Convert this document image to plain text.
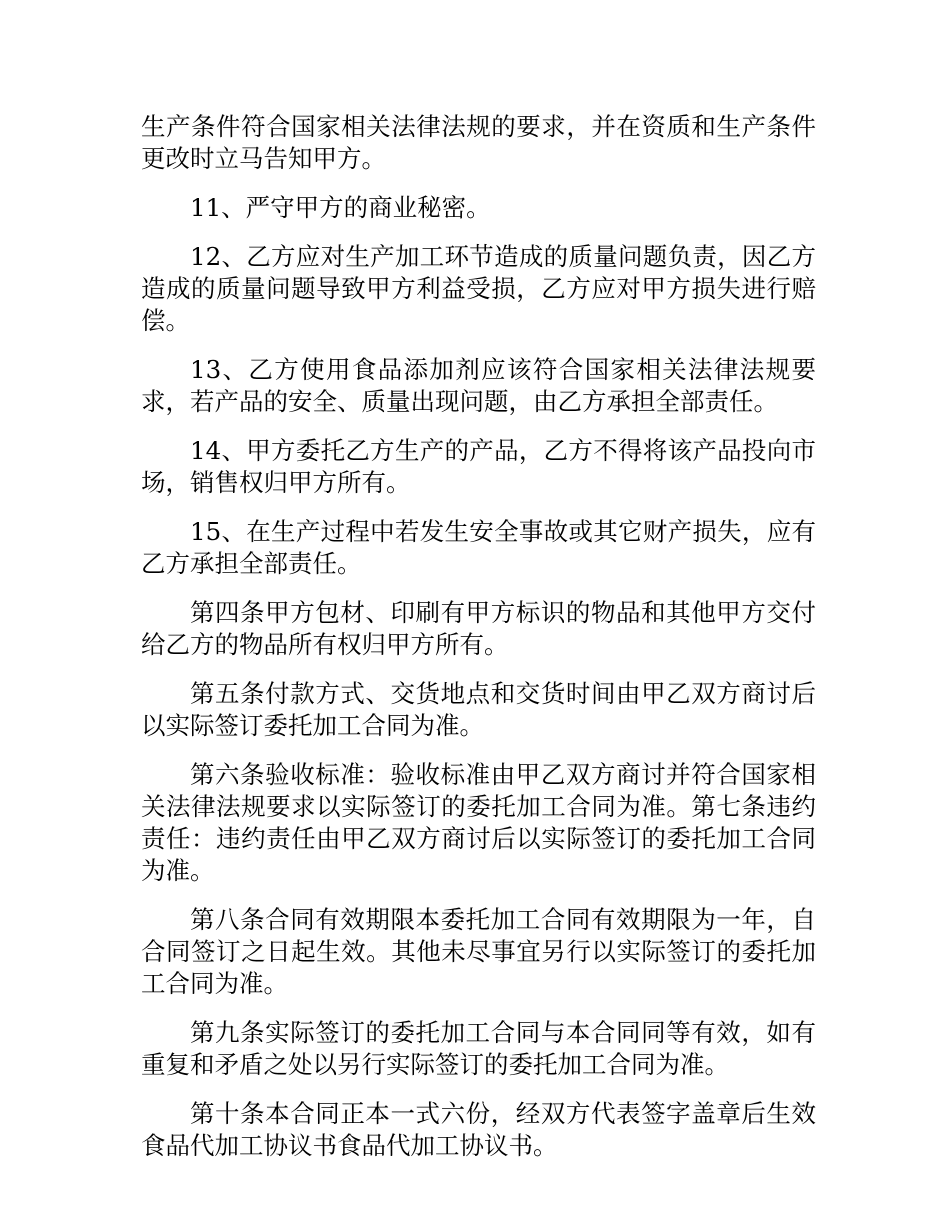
生产条件符合国家相关法律法规的要求，并在资质和生产条件更改时立马告知甲方。

11、严守甲方的商业秘密。

12、乙方应对生产加工环节造成的质量问题负责，因乙方造成的质量问题导致甲方利益受损，乙方应对甲方损失进行赔偿。

13、乙方使用食品添加剂应该符合国家相关法律法规要求，若产品的安全、质量出现问题，由乙方承担全部责任。

14、甲方委托乙方生产的产品，乙方不得将该产品投向市场，销售权归甲方所有。

15、在生产过程中若发生安全事故或其它财产损失，应有乙方承担全部责任。

第四条甲方包材、印刷有甲方标识的物品和其他甲方交付给乙方的物品所有权归甲方所有。

第五条付款方式、交货地点和交货时间由甲乙双方商讨后以实际签订委托加工合同为准。

第六条验收标准：验收标准由甲乙双方商讨并符合国家相关法律法规要求以实际签订的委托加工合同为准。第七条违约责任：违约责任由甲乙双方商讨后以实际签订的委托加工合同为准。

第八条合同有效期限本委托加工合同有效期限为一年，自合同签订之日起生效。其他未尽事宜另行以实际签订的委托加工合同为准。

第九条实际签订的委托加工合同与本合同同等有效，如有重复和矛盾之处以另行实际签订的委托加工合同为准。

第十条本合同正本一式六份，经双方代表签字盖章后生效食品代加工协议书食品代加工协议书。
